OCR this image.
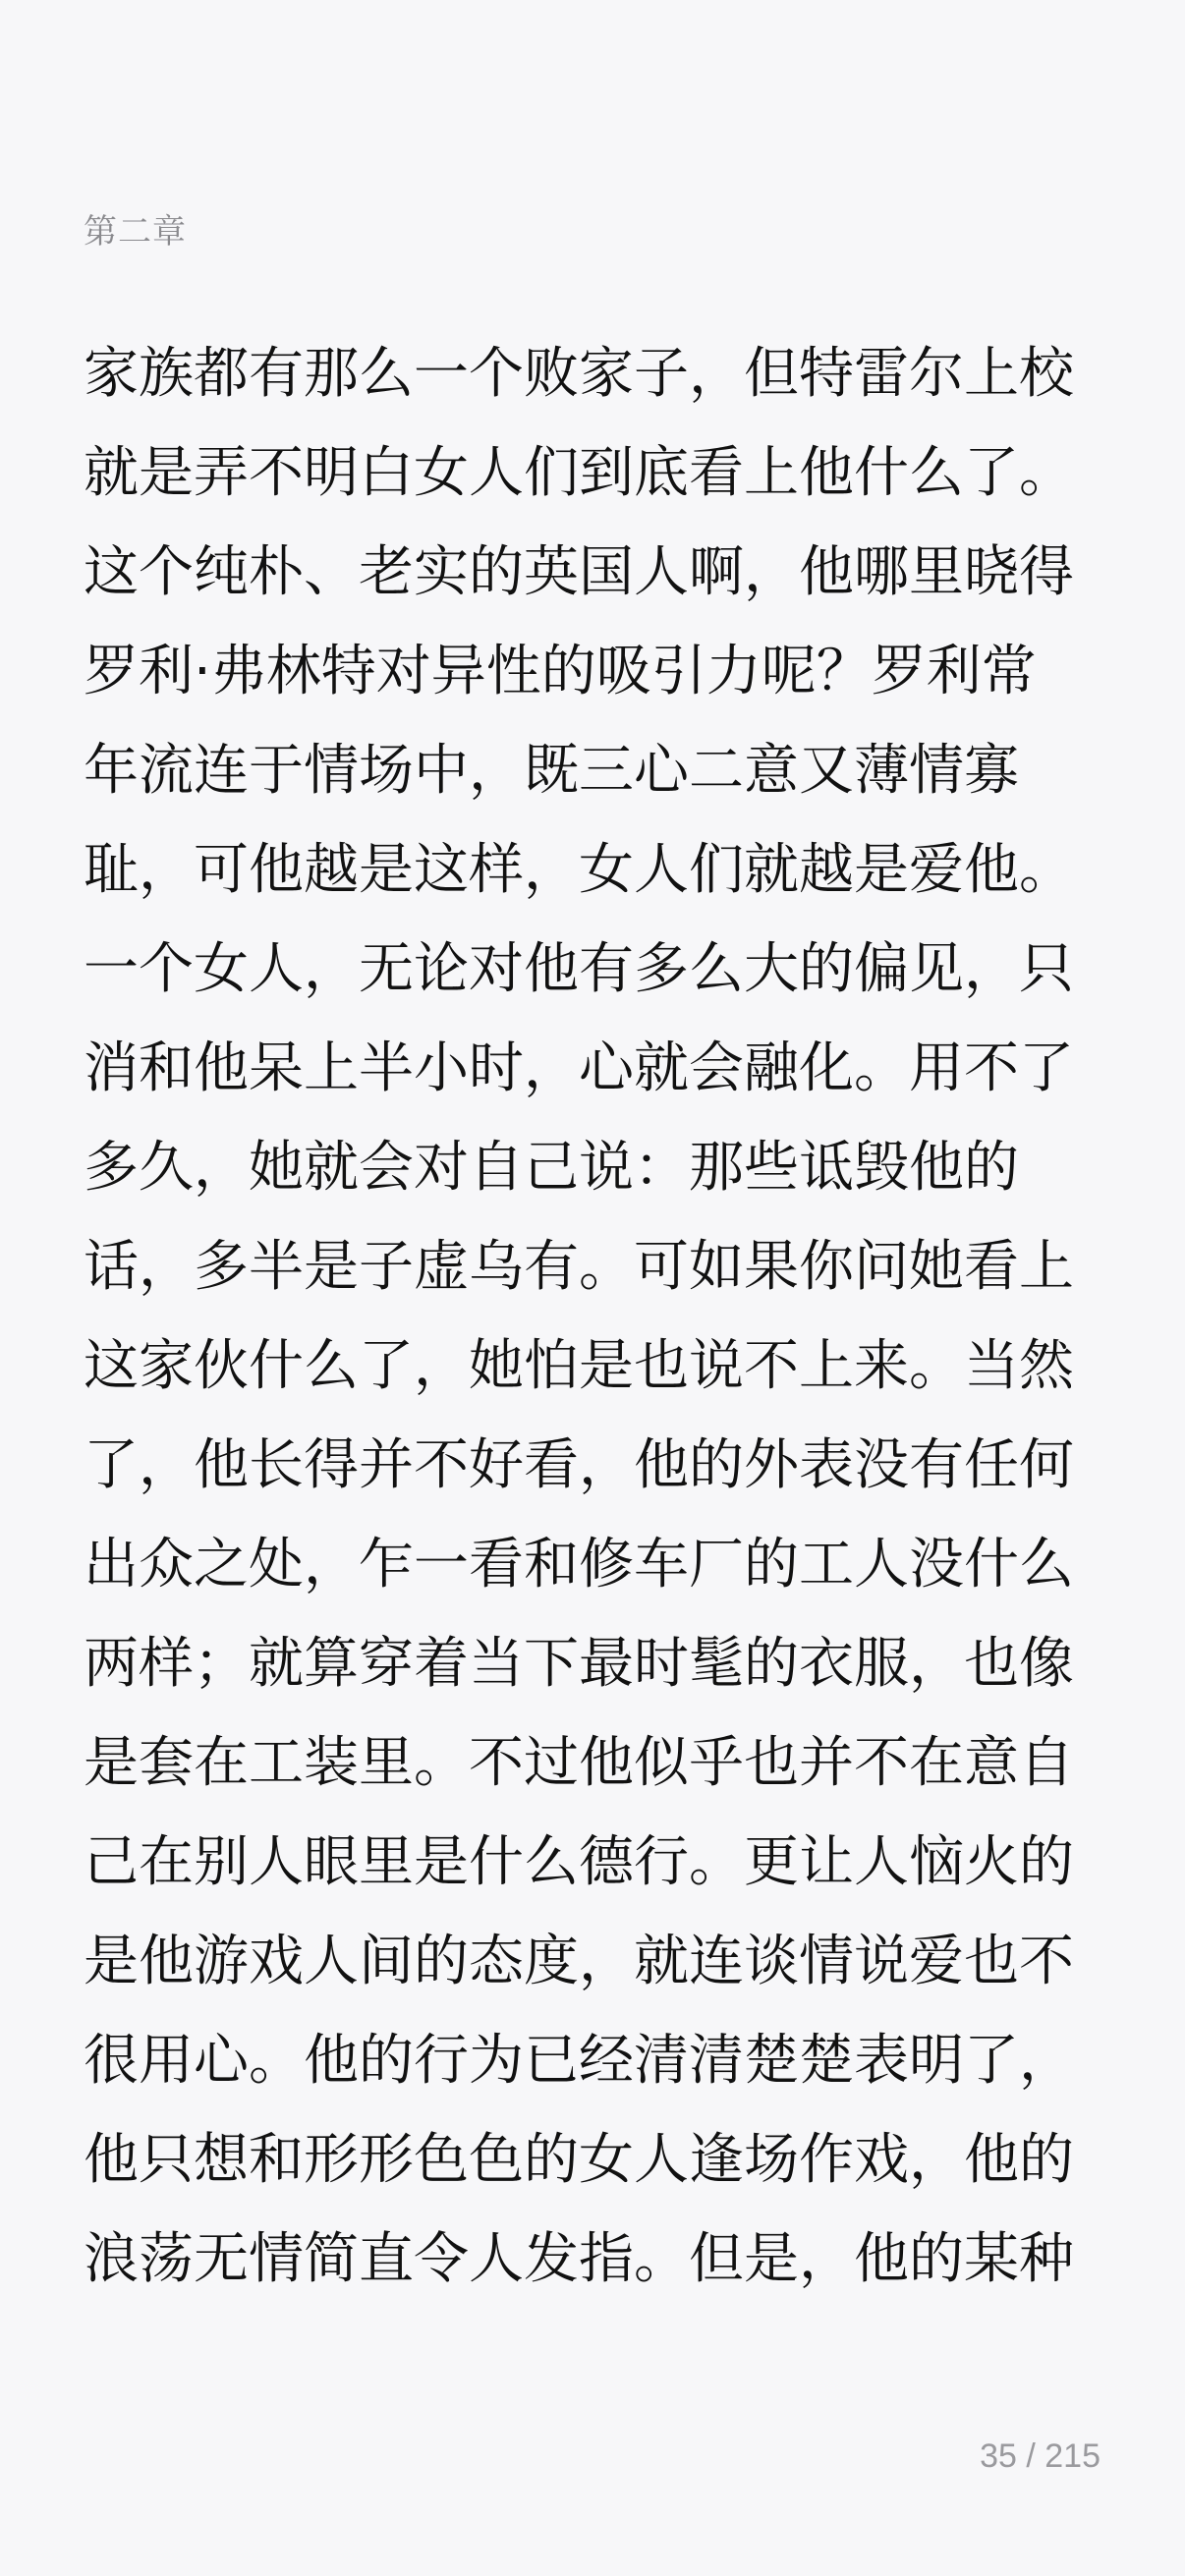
第二章
家族都有那么一个败家子，但特雷尔上校
就是弄不明白女人们到底看上他什么了。
这个纯朴、老实的英国人啊，他哪里晓得
罗利·弗林特对异性的吸引力呢？罗利常
年流连于情场中，既三心二意又薄情寡
耻，可他越是这样，女人们就越是爱他。
一个女人，无论对他有多么大的偏见，只
消和他呆上半小时，心就会融化。用不了
多久，她就会对自己说：那些诋毁他的
话，多半是子虚乌有。可如果你问她看上
这家伙什么了，她怕是也说不上来。当然
了，他长得并不好看，他的外表没有任何
出众之处，乍一看和修车厂的工人没什么
两样；就算穿着当下最时髦的衣服，也像
是套在工装里。不过他似乎也并不在意自
己在别人眼里是什么德行。更让人恼火的
是他游戏人间的态度，就连谈情说爱也不
很用心。他的行为已经清清楚楚表明了，
他只想和形形色色的女人逢场作戏，他的
浪荡无情简直令人发指。但是，他的某种
35 / 215
